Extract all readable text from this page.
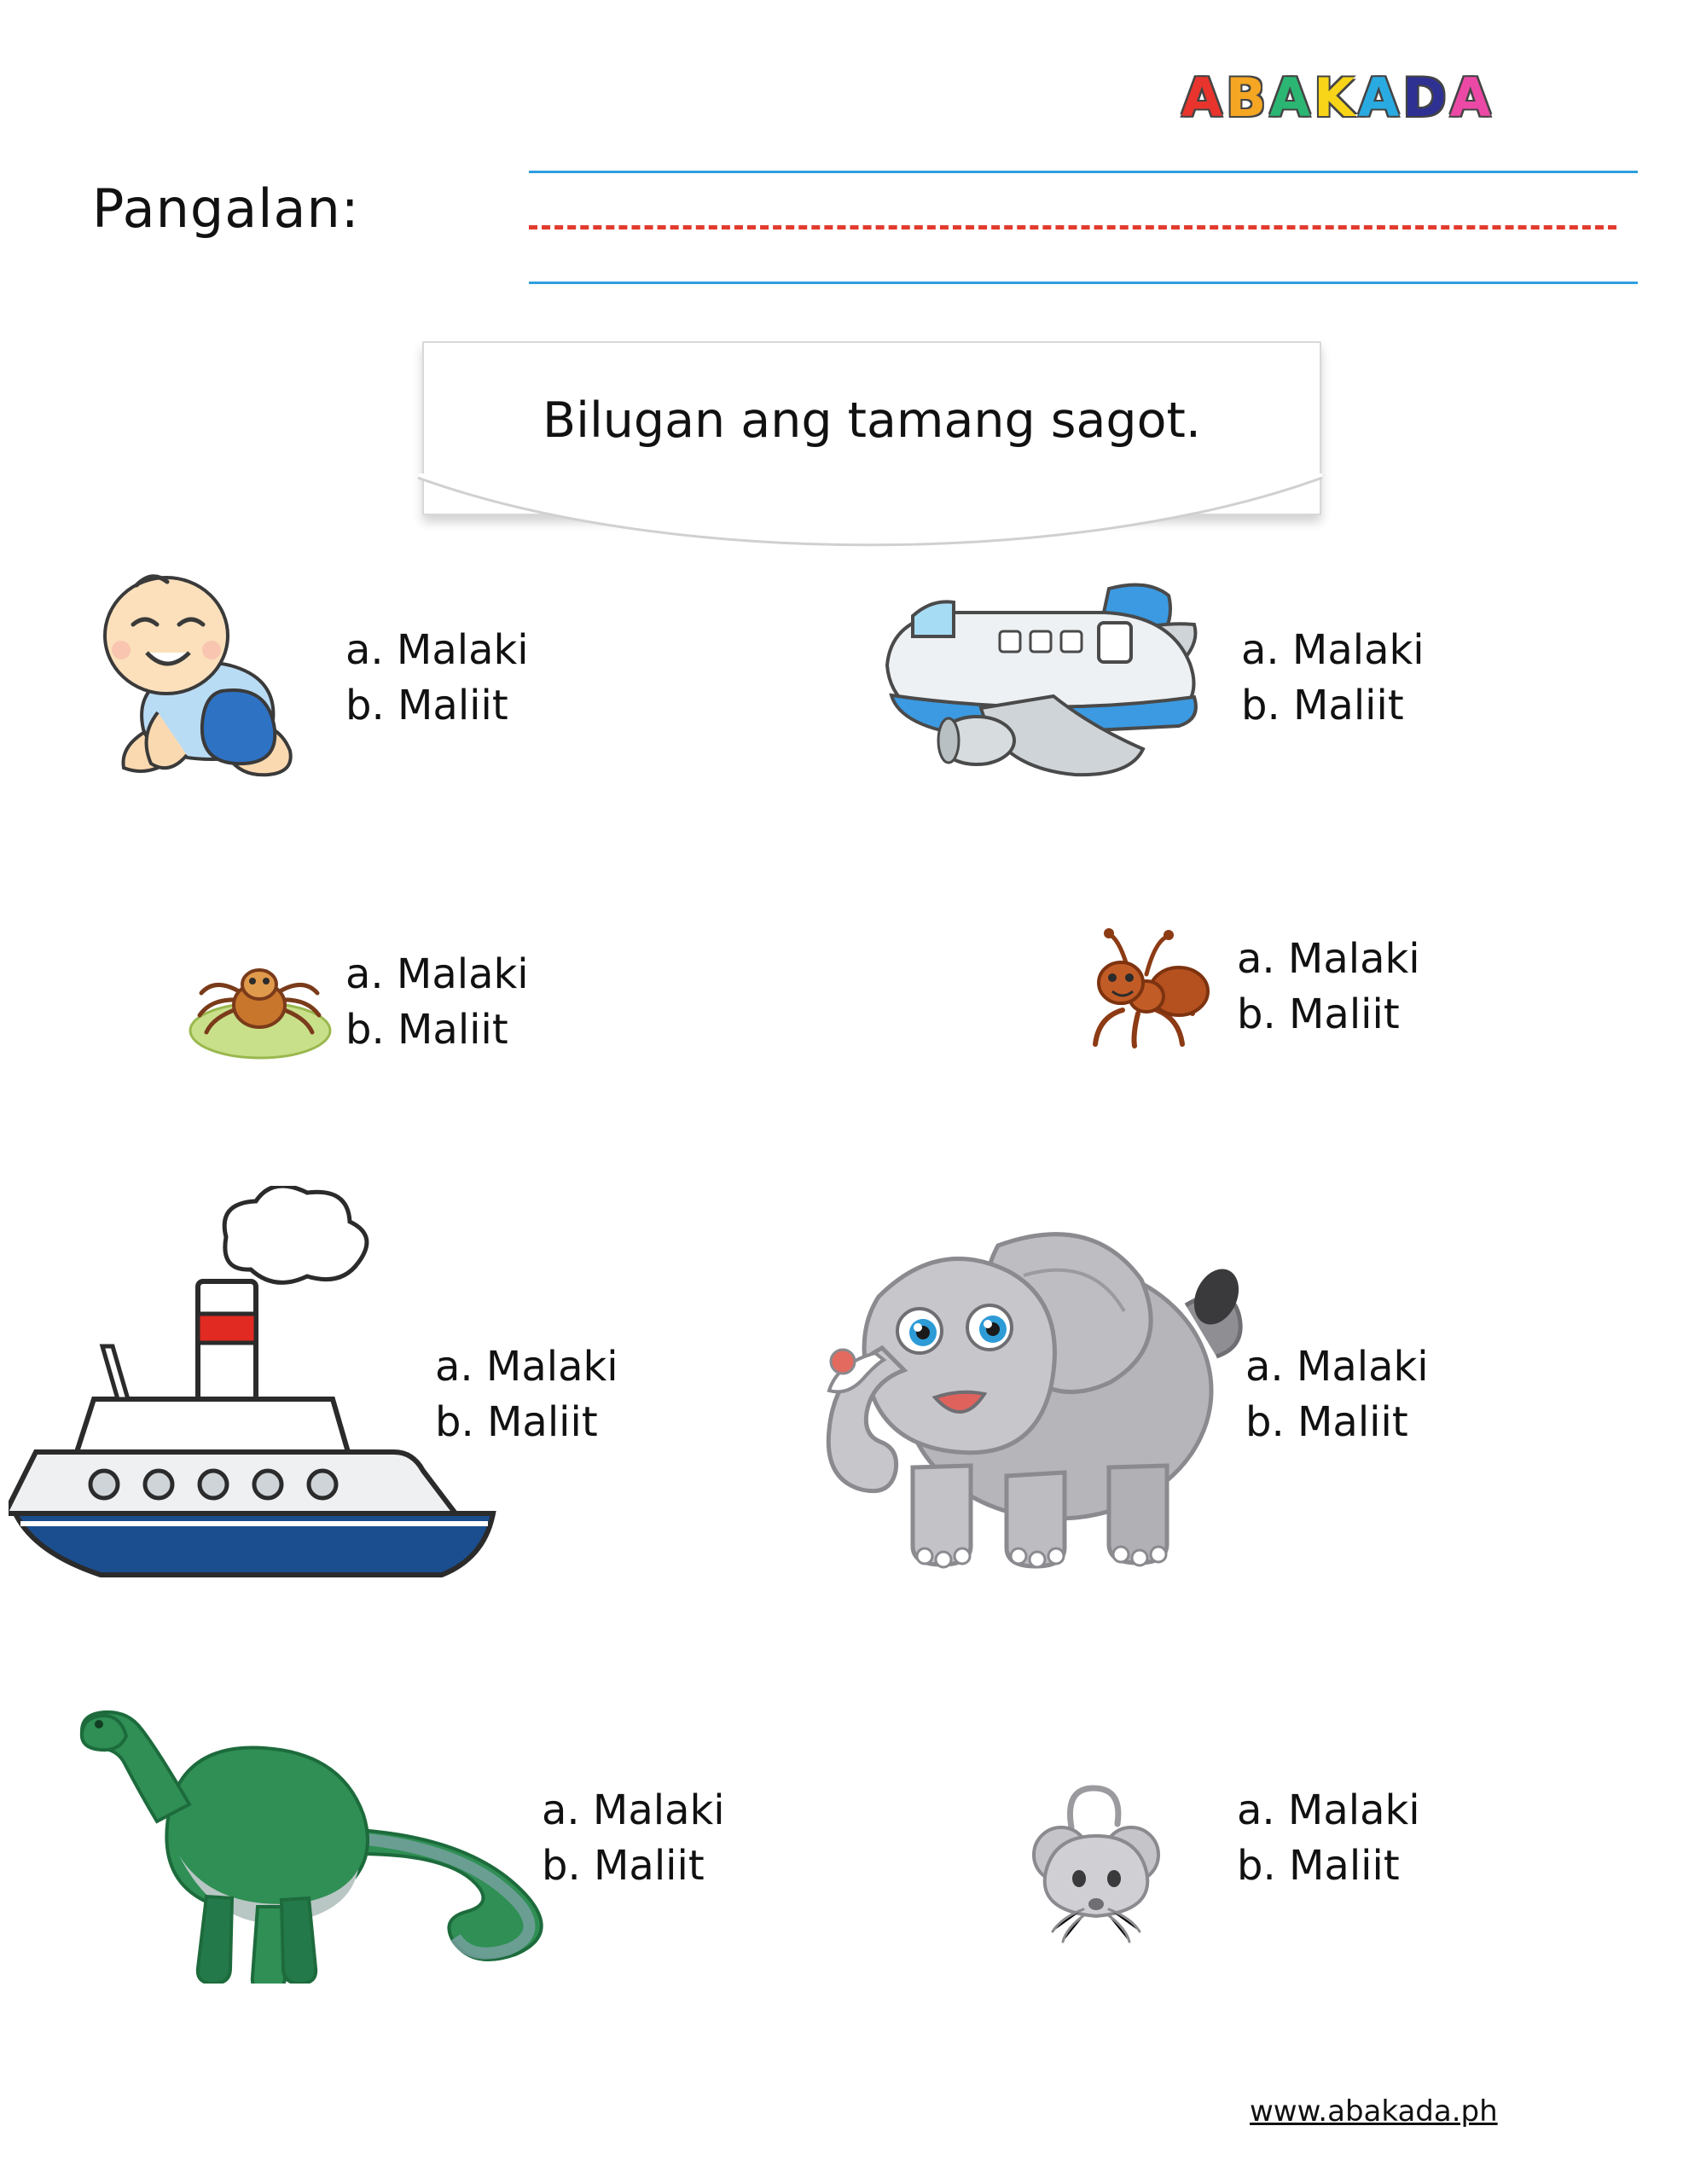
ABAKADA
Pangalan:
Bilugan ang tamang sagot.
a. Malaki
b. Maliit
a. Malaki
b. Maliit
a. Malaki
b. Maliit
a. Malaki
b. Maliit
a. Malaki
b. Maliit
a. Malaki
b. Maliit
a. Malaki
b. Maliit
a. Malaki
b. Maliit
www.abakada.ph
